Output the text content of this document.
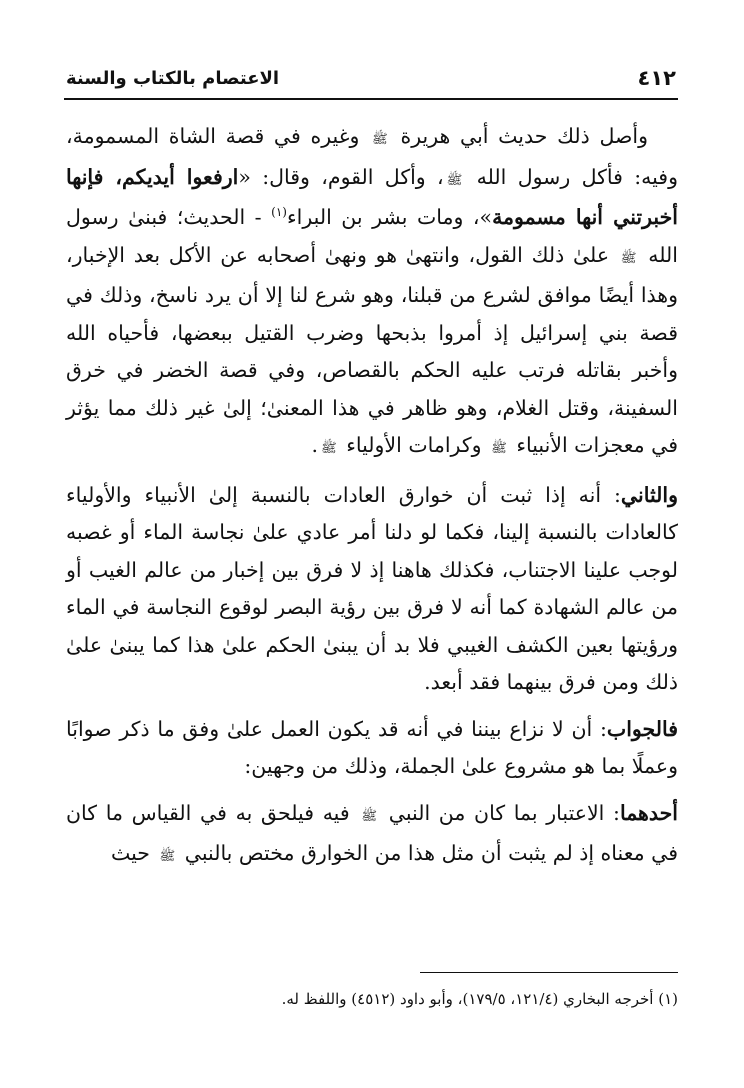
٤١٢
الاعتصام بالكتاب والسنة

وأصل ذلك حديث أبي هريرة ﷺ وغيره في قصة الشاة المسمومة، وفيه: فأكل رسول الله ﷺ، وأكل القوم، وقال: «ارفعوا أيديكم، فإنها أخبرتني أنها مسمومة»، ومات بشر بن البراء$^{(١)}$ - الحديث؛ فبنىٰ رسول الله ﷺ علىٰ ذلك القول، وانتهىٰ هو ونهىٰ أصحابه عن الأكل بعد الإخبار، وهذا أيضًا موافق لشرع من قبلنا، وهو شرع لنا إلا أن يرد ناسخ، وذلك في قصة بني إسرائيل إذ أمروا بذبحها وضرب القتيل ببعضها، فأحياه الله وأخبر بقاتله فرتب عليه الحكم بالقصاص، وفي قصة الخضر في خرق السفينة، وقتل الغلام، وهو ظاهر في هذا المعنىٰ؛ إلىٰ غير ذلك مما يؤثر في معجزات الأنبياء ﷺ وكرامات الأولياء ﷺ.

والثاني: أنه إذا ثبت أن خوارق العادات بالنسبة إلىٰ الأنبياء والأولياء كالعادات بالنسبة إلينا، فكما لو دلنا أمر عادي علىٰ نجاسة الماء أو غصبه لوجب علينا الاجتناب، فكذلك هاهنا إذ لا فرق بين إخبار من عالم الغيب أو من عالم الشهادة كما أنه لا فرق بين رؤية البصر لوقوع النجاسة في الماء ورؤيتها بعين الكشف الغيبي فلا بد أن يبنىٰ الحكم علىٰ هذا كما يبنىٰ علىٰ ذلك ومن فرق بينهما فقد أبعد.

فالجواب: أن لا نزاع بيننا في أنه قد يكون العمل علىٰ وفق ما ذكر صوابًا وعملًا بما هو مشروع علىٰ الجملة، وذلك من وجهين:

أحدهما: الاعتبار بما كان من النبي ﷺ فيه فيلحق به في القياس ما كان في معناه إذ لم يثبت أن مثل هذا من الخوارق مختص بالنبي ﷺ حيث

(١) أخرجه البخاري (١٢١/٤، ١٧٩/٥)، وأبو داود (٤٥١٢) واللفظ له.
